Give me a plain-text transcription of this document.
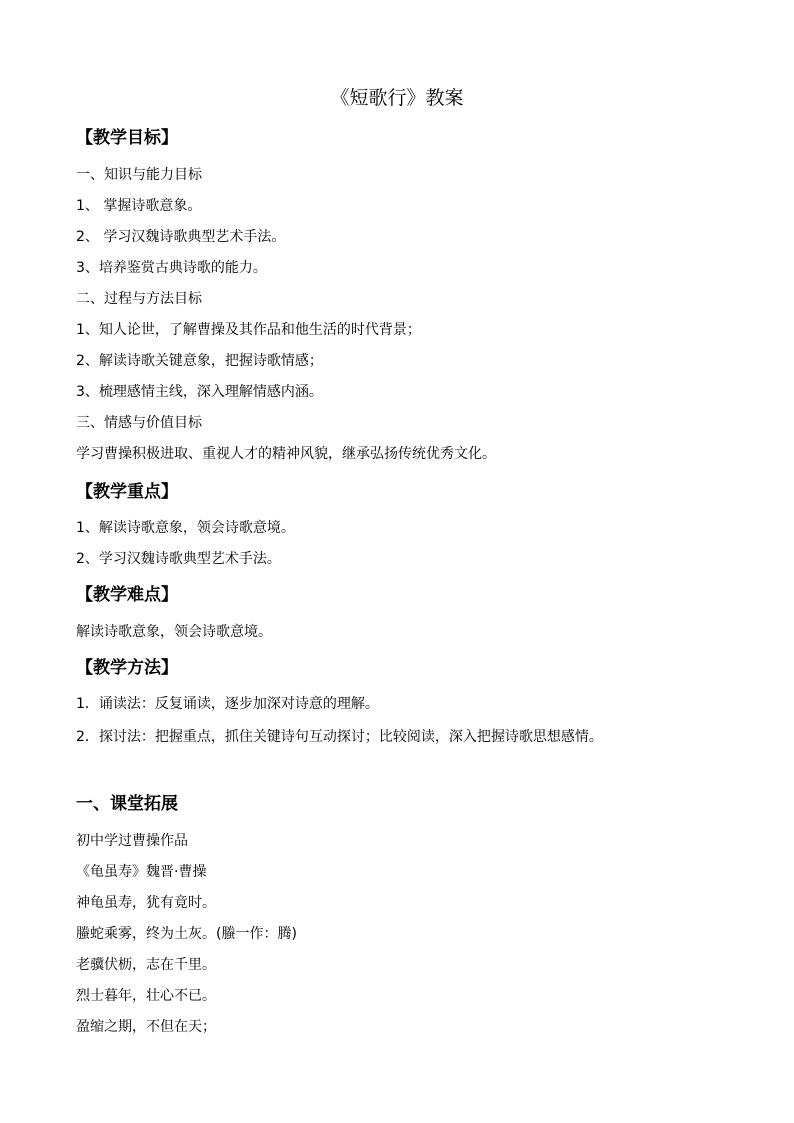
《短歌行》教案
【教学目标】
一、知识与能力目标
1、 掌握诗歌意象。
2、 学习汉魏诗歌典型艺术手法。
3、培养鉴赏古典诗歌的能力。
二、过程与方法目标
1、知人论世，了解曹操及其作品和他生活的时代背景；
2、解读诗歌关键意象，把握诗歌情感；
3、梳理感情主线，深入理解情感内涵。
三、情感与价值目标
学习曹操积极进取、重视人才的精神风貌，继承弘扬传统优秀文化。
【教学重点】
1、解读诗歌意象，领会诗歌意境。
2、学习汉魏诗歌典型艺术手法。
【教学难点】
解读诗歌意象，领会诗歌意境。
【教学方法】
1．诵读法：反复诵读，逐步加深对诗意的理解。
2．探讨法：把握重点，抓住关键诗句互动探讨；比较阅读，深入把握诗歌思想感情。
一、课堂拓展
初中学过曹操作品
《龟虽寿》魏晋·曹操
神龟虽寿，犹有竟时。
螣蛇乘雾，终为土灰。(螣一作：腾)
老骥伏枥，志在千里。
烈士暮年，壮心不已。
盈缩之期，不但在天；
